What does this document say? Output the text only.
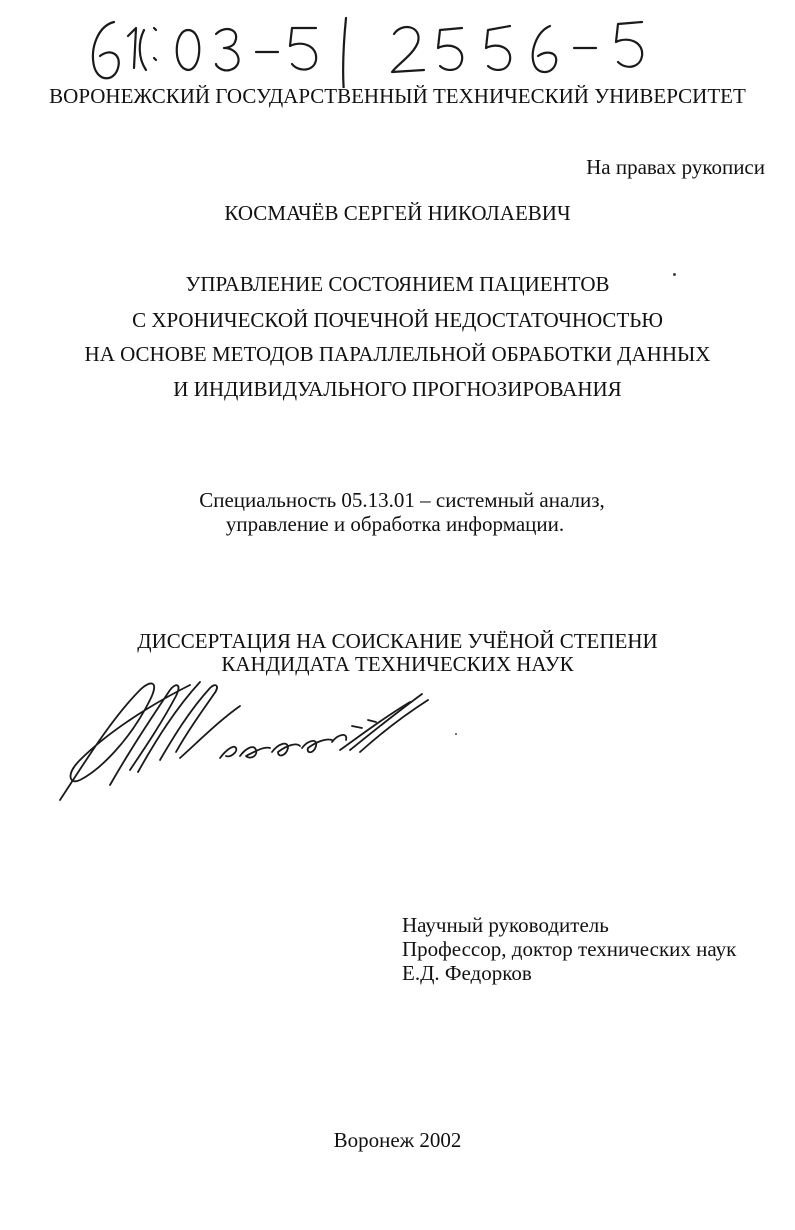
ВОРОНЕЖСКИЙ ГОСУДАРСТВЕННЫЙ ТЕХНИЧЕСКИЙ УНИВЕРСИТЕТ
На правах рукописи
КОСМАЧЁВ СЕРГЕЙ НИКОЛАЕВИЧ
УПРАВЛЕНИЕ СОСТОЯНИЕМ ПАЦИЕНТОВ
С ХРОНИЧЕСКОЙ ПОЧЕЧНОЙ НЕДОСТАТОЧНОСТЬЮ
НА ОСНОВЕ МЕТОДОВ ПАРАЛЛЕЛЬНОЙ ОБРАБОТКИ ДАННЫХ
И ИНДИВИДУАЛЬНОГО ПРОГНОЗИРОВАНИЯ
Специальность 05.13.01 – системный анализ,
управление и обработка информации.
ДИССЕРТАЦИЯ НА СОИСКАНИЕ УЧЁНОЙ СТЕПЕНИ
КАНДИДАТА ТЕХНИЧЕСКИХ НАУК
Научный руководитель
Профессор, доктор технических наук
Е.Д. Федорков
Воронеж 2002
